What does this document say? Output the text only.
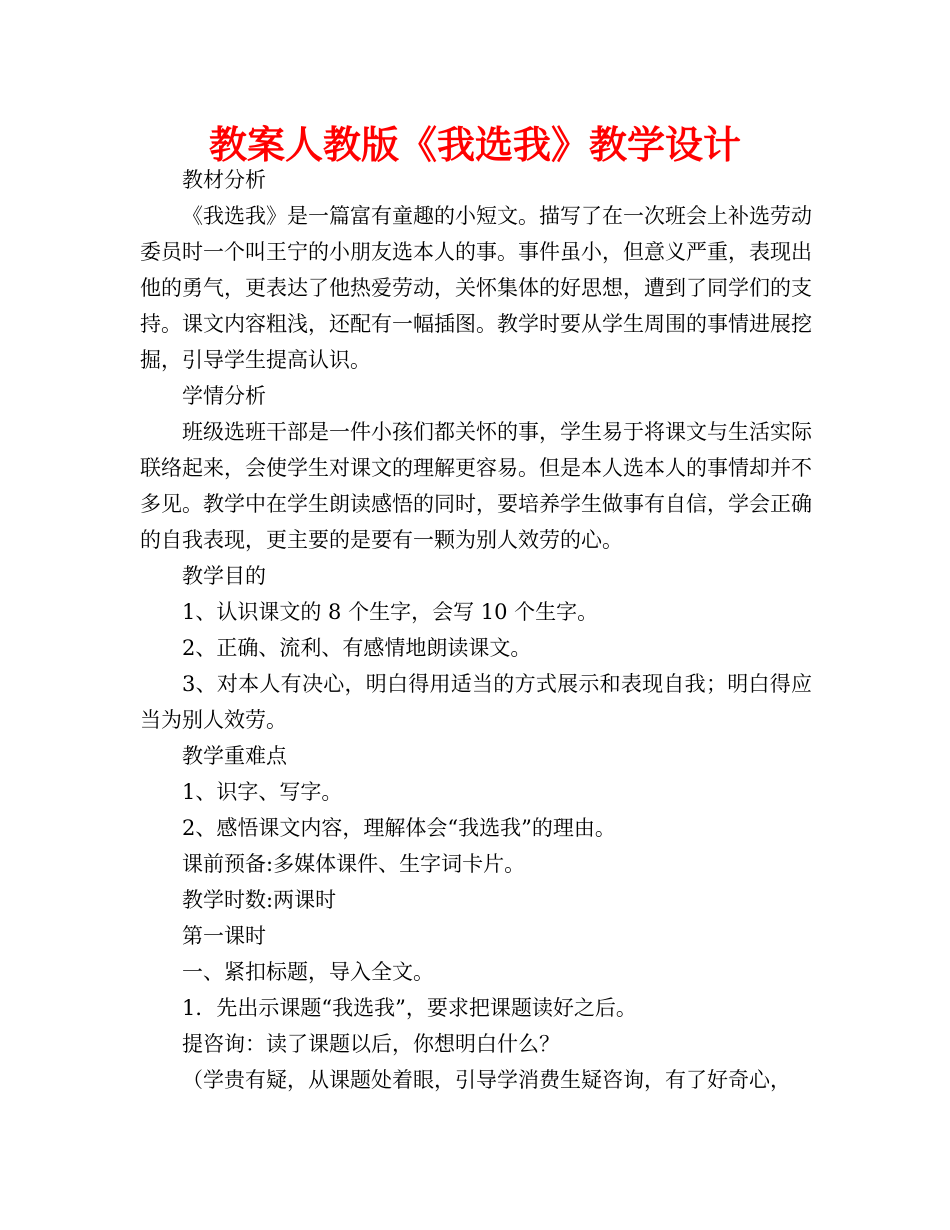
教案人教版《我选我》教学设计

教材分析

《我选我》是一篇富有童趣的小短文。描写了在一次班会上补选劳动委员时一个叫王宁的小朋友选本人的事。事件虽小，但意义严重，表现出他的勇气，更表达了他热爱劳动，关怀集体的好思想，遭到了同学们的支持。课文内容粗浅，还配有一幅插图。教学时要从学生周围的事情进展挖掘，引导学生提高认识。

学情分析

班级选班干部是一件小孩们都关怀的事，学生易于将课文与生活实际联络起来，会使学生对课文的理解更容易。但是本人选本人的事情却并不多见。教学中在学生朗读感悟的同时，要培养学生做事有自信，学会正确的自我表现，更主要的是要有一颗为别人效劳的心。

教学目的

1、认识课文的 8 个生字，会写 10 个生字。

2、正确、流利、有感情地朗读课文。

3、对本人有决心，明白得用适当的方式展示和表现自我；明白得应当为别人效劳。

教学重难点

1、识字、写字。

2、感悟课文内容，理解体会“我选我”的理由。

课前预备:多媒体课件、生字词卡片。

教学时数:两课时

第一课时

一、紧扣标题，导入全文。

1．先出示课题“我选我”，要求把课题读好之后。

提咨询：读了课题以后，你想明白什么？

（学贵有疑，从课题处着眼，引导学消费生疑咨询，有了好奇心，
